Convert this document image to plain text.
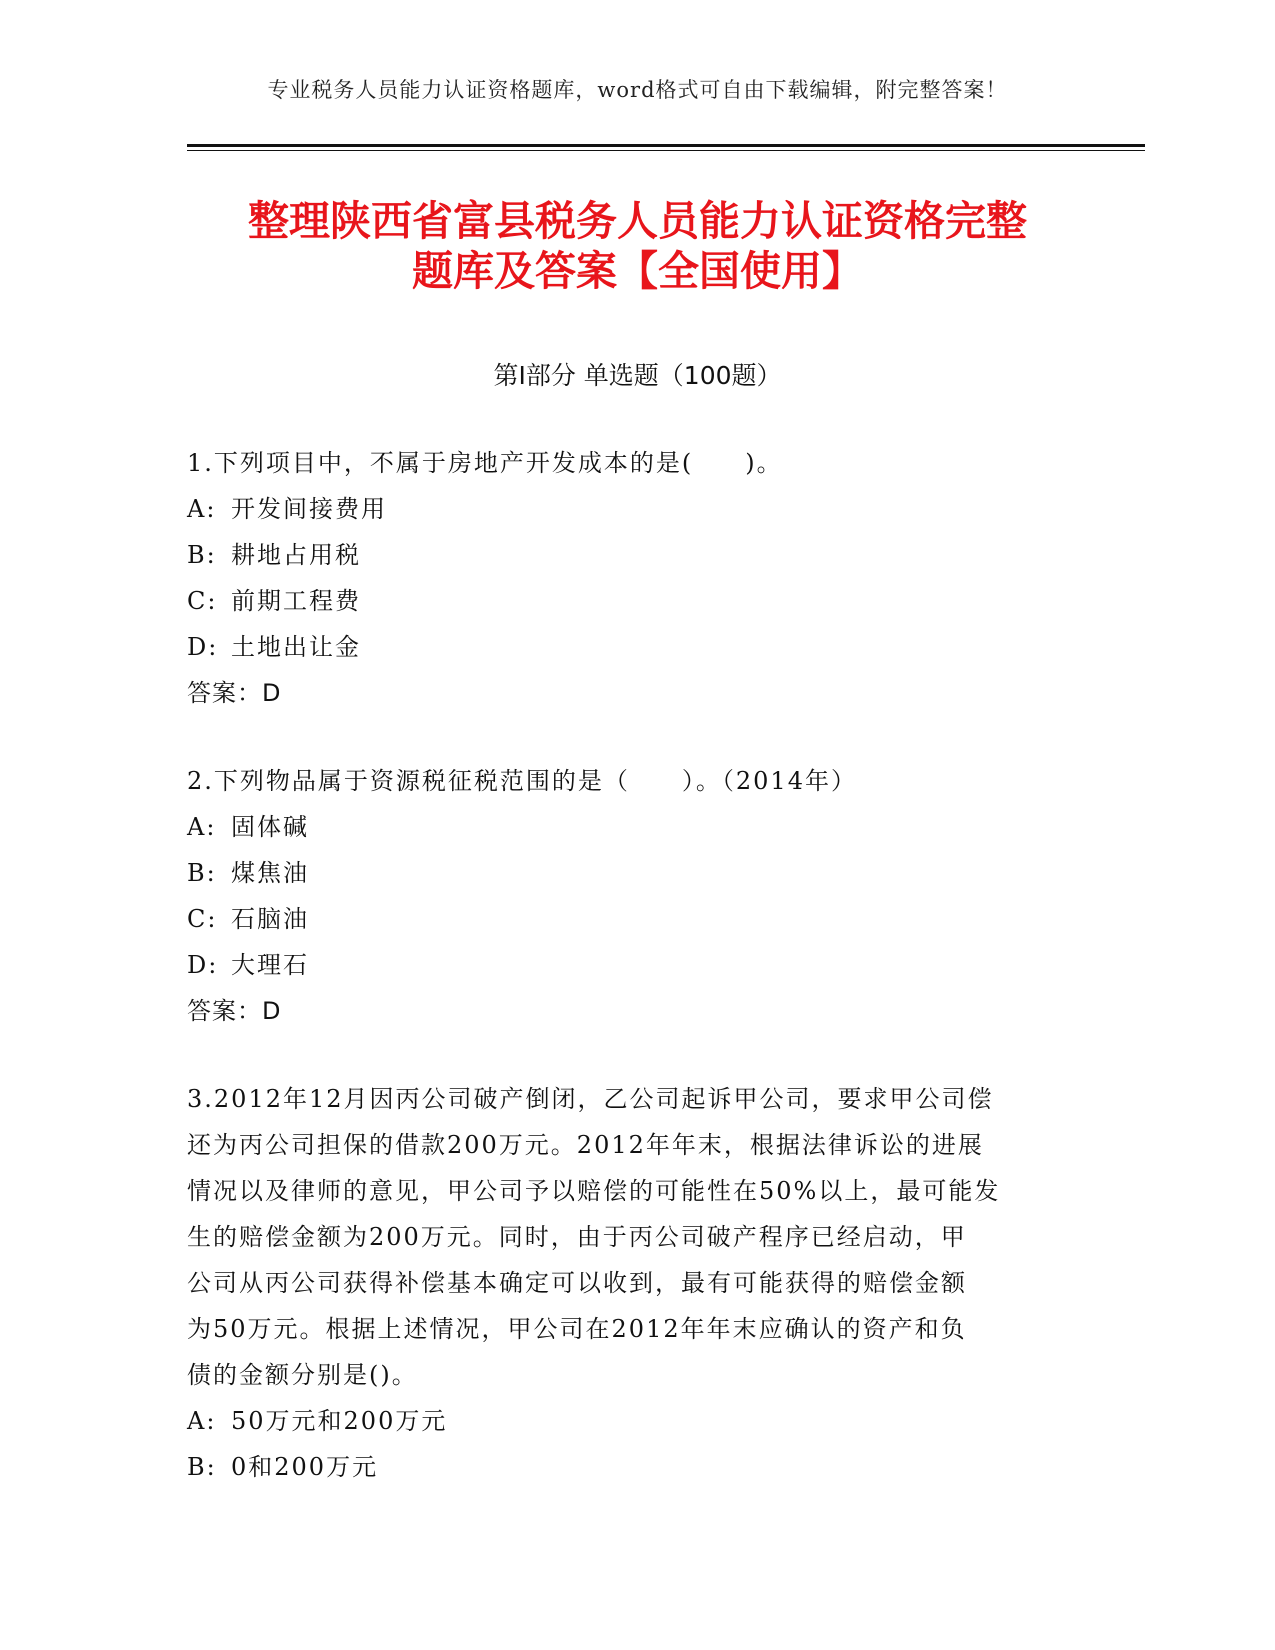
专业税务人员能力认证资格题库，word格式可自由下载编辑，附完整答案！
整理陕西省富县税务人员能力认证资格完整
题库及答案【全国使用】
第Ⅰ部分 单选题（100题）

1.下列项目中，不属于房地产开发成本的是(　　)。

A: 开发间接费用

B: 耕地占用税

C: 前期工程费

D: 土地出让金

答案：D

2.下列物品属于资源税征税范围的是（　　）。（2014年）

A: 固体碱

B: 煤焦油

C: 石脑油

D: 大理石

答案：D

3.2012年12月因丙公司破产倒闭，乙公司起诉甲公司，要求甲公司偿

还为丙公司担保的借款200万元。2012年年末，根据法律诉讼的进展

情况以及律师的意见，甲公司予以赔偿的可能性在50%以上，最可能发

生的赔偿金额为200万元。同时，由于丙公司破产程序已经启动，甲

公司从丙公司获得补偿基本确定可以收到，最有可能获得的赔偿金额

为50万元。根据上述情况，甲公司在2012年年末应确认的资产和负

债的金额分别是()。

A: 50万元和200万元

B: 0和200万元
